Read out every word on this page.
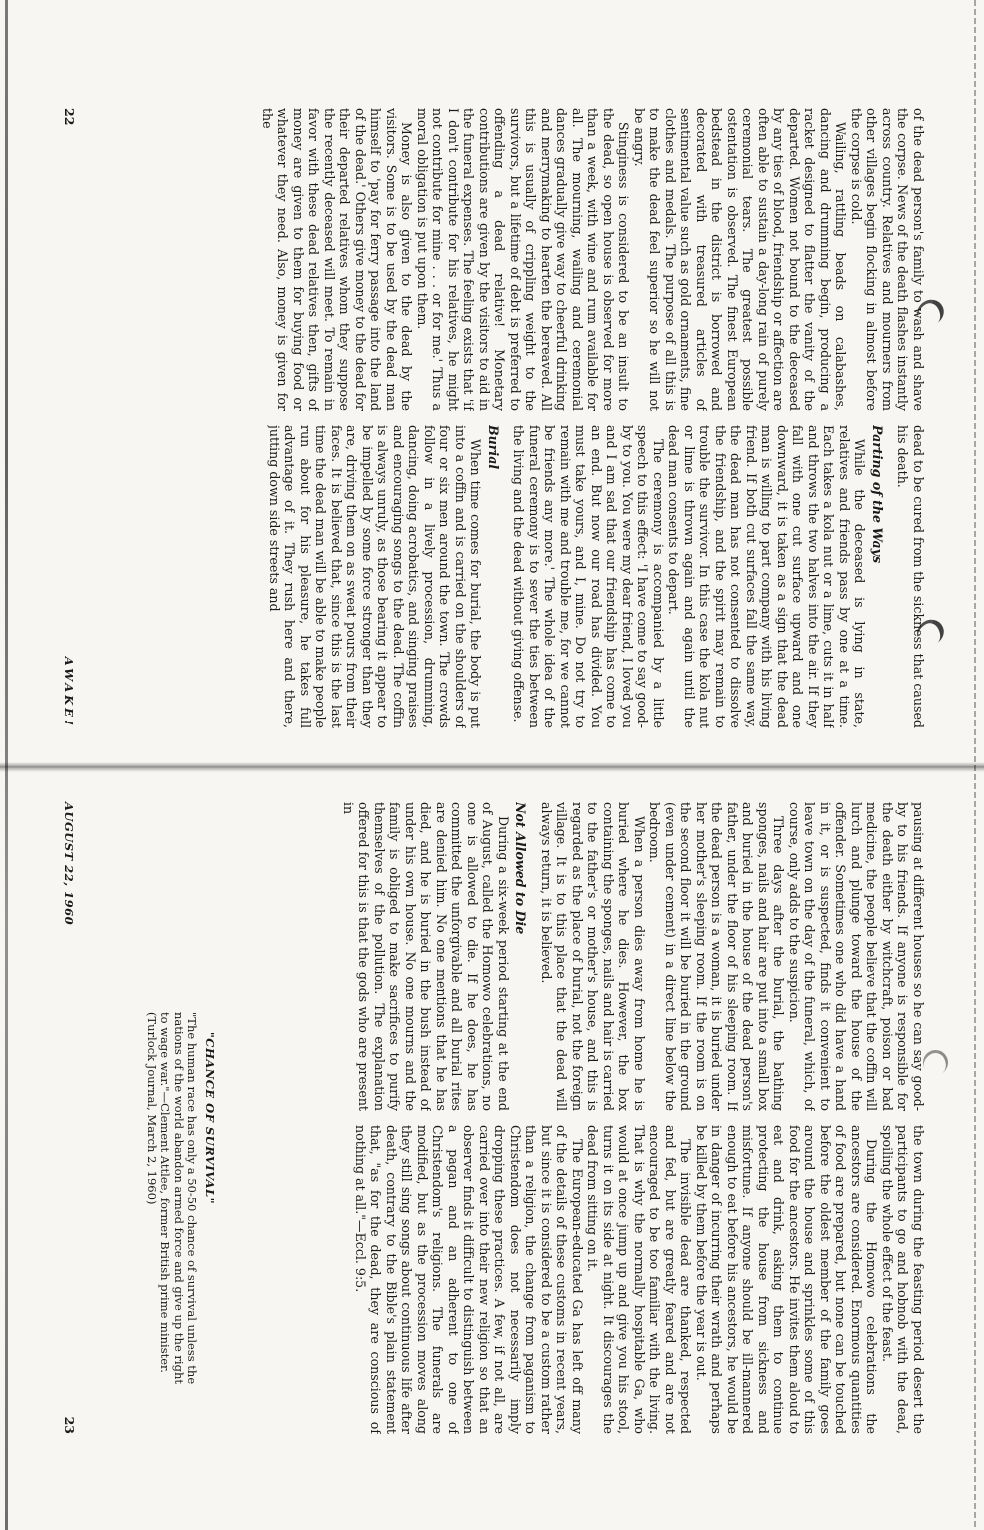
of the dead person's family to wash and shave the corpse. News of the death flashes instantly across country. Relatives and mourners from other villages begin flocking in almost before the corpse is cold.

Wailing, rattling beads on calabashes, dancing and drumming begin, producing a racket designed to flatter the vanity of the departed. Women not bound to the deceased by any ties of blood, friendship or affection are often able to sustain a day-long rain of purely ceremonial tears. The greatest possible ostentation is observed. The finest European bedstead in the district is borrowed and decorated with treasured articles of sentimental value such as gold ornaments, fine clothes and medals. The purpose of all this is to make the dead feel superior so he will not be angry.

Stinginess is considered to be an insult to the dead, so open house is observed for more than a week, with wine and rum available for all. The mourning, wailing and ceremonial dances gradually give way to cheerful drinking and merrymaking to hearten the bereaved. All this is usually of crippling weight to the survivors, but a lifetime of debt is preferred to offending a dead relative! Monetary contributions are given by the visitors to aid in the funeral expenses. The feeling exists that 'if I don't contribute for his relatives, he might not contribute for mine . . . or for me.' Thus a moral obligation is put upon them.

Money is also given to the dead by the visitors. Some is to be used by the dead man himself to 'pay for ferry passage into the land of the dead.' Others give money to the dead for their departed relatives whom they suppose the recently deceased will meet. To remain in favor with these dead relatives then, gifts of money are given to them for buying food or whatever they need. Also, money is given for the

dead to be cured from the sickness that caused his death.

Parting of the Ways

While the deceased is lying in state, relatives and friends pass by one at a time. Each takes a kola nut or a lime, cuts it in half and throws the two halves into the air. If they fall with one cut surface upward and one downward, it is taken as a sign that the dead man is willing to part company with his living friend. If both cut surfaces fall the same way, the dead man has not consented to dissolve the friendship, and the spirit may remain to trouble the survivor. In this case the kola nut or lime is thrown again and again until the dead man consents to depart.

The ceremony is accompanied by a little speech to this effect: 'I have come to say good-by to you. You were my dear friend, I loved you and I am sad that our friendship has come to an end. But now our road has divided. You must take yours, and I, mine. Do not try to remain with me and trouble me, for we cannot be friends any more.' The whole idea of the funeral ceremony is to sever the ties between the living and the dead without giving offense.

Burial

When time comes for burial, the body is put into a coffin and is carried on the shoulders of four or six men around the town. The crowds follow in a lively procession, drumming, dancing, doing acrobatics, and singing praises and encouraging songs to the dead. The coffin is always unruly, as those bearing it appear to be impelled by some force stronger than they are, driving them on as sweat pours from their faces. It is believed that, since this is the last time the dead man will be able to make people run about for his pleasure, he takes full advantage of it. They rush here and there, jutting down side streets and

22
AWAKE!

pausing at different houses so he can say good-by to his friends. If anyone is responsible for the death either by witchcraft, poison or bad medicine, the people believe that the coffin will lurch and plunge toward the house of the offender. Sometimes one who did have a hand in it, or is suspected, finds it convenient to leave town on the day of the funeral, which, of course, only adds to the suspicion.

Three days after the burial, the bathing sponges, nails and hair are put into a small box and buried in the house of the dead person's father, under the floor of his sleeping room. If the dead person is a woman, it is buried under her mother's sleeping room. If the room is on the second floor it will be buried in the ground (even under cement) in a direct line below the bedroom.

When a person dies away from home he is buried where he dies. However, the box containing the sponges, nails and hair is carried to the father's or mother's house, and this is regarded as the place of burial, not the foreign village. It is to this place that the dead will always return, it is believed.

Not Allowed to Die

During a six-week period starting at the end of August, called the Homowo celebrations, no one is allowed to die. If he does, he has committed the unforgivable and all burial rites are denied him. No one mentions that he has died, and he is buried in the bush instead of under his own house. No one mourns and the family is obliged to make sacrifices to purify themselves of the pollution. The explanation offered for this is that the gods who are present in

the town during the feasting period desert the participants to go and hobnob with the dead, spoiling the whole effect of the feast.

During the Homowo celebrations the ancestors are considered. Enormous quantities of food are prepared, but none can be touched before the oldest member of the family goes around the house and sprinkles some of this food for the ancestors. He invites them aloud to eat and drink, asking them to continue protecting the house from sickness and misfortune. If anyone should be ill-mannered enough to eat before his ancestors, he would be in danger of incurring their wrath and perhaps be killed by them before the year is out.

The invisible dead are thanked, respected and fed, but are greatly feared and are not encouraged to be too familiar with the living. That is why the normally hospitable Ga, who would at once jump up and give you his stool, turns it on its side at night. It discourages the dead from sitting on it.

The European-educated Ga has left off many of the details of these customs in recent years, but since it is considered to be a custom rather than a religion, the change from paganism to Christendom does not necessarily imply dropping these practices. A few, if not all, are carried over into their new religion so that an observer finds it difficult to distinguish between a pagan and an adherent to one of Christendom's religions. The funerals are modified, but as the procession moves along they still sing songs about continuous life after death, contrary to the Bible's plain statement that, "as for the dead, they are conscious of nothing at all."—Eccl. 9:5.

"CHANCE OF SURVIVAL"
"The human race has only a 50-50 chance of survival unless the nations of the world abandon armed force and give up the right to wage war."—Clement Attlee, former British prime minister. (Turlock Journal, March 2, 1960)
AUGUST 22, 1960
23
